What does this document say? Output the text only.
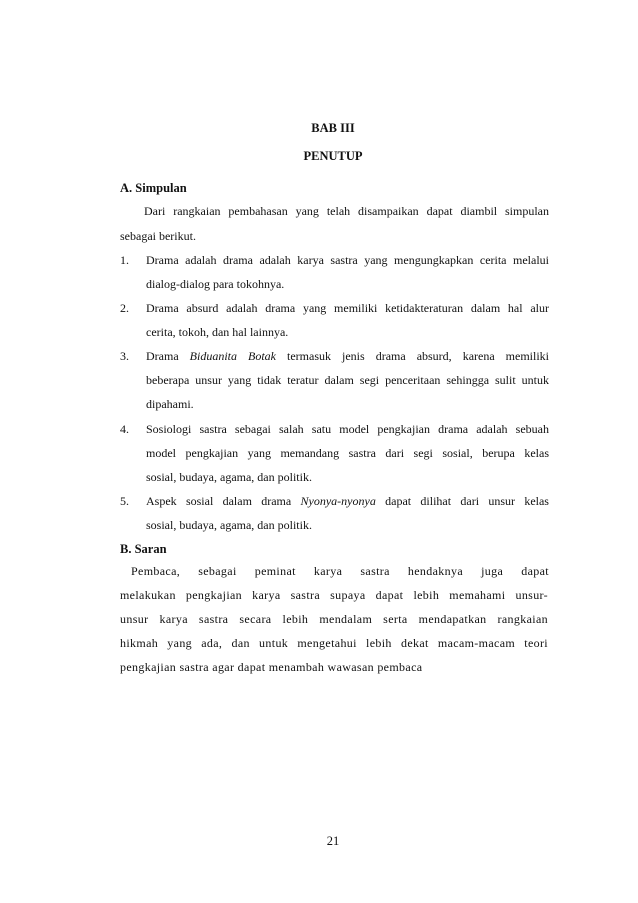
BAB III
PENUTUP
A. Simpulan
Dari rangkaian pembahasan yang telah disampaikan dapat diambil simpulan
sebagai berikut.
1. Drama adalah drama adalah karya sastra yang mengungkapkan cerita melalui
dialog-dialog para tokohnya.
2. Drama absurd adalah drama yang memiliki ketidakteraturan dalam hal alur
cerita, tokoh, dan hal lainnya.
3. Drama Biduanita Botak termasuk jenis drama absurd, karena memiliki
beberapa unsur yang tidak teratur dalam segi penceritaan sehingga sulit untuk
dipahami.
4. Sosiologi sastra sebagai salah satu model pengkajian drama adalah sebuah
model pengkajian yang memandang sastra dari segi sosial, berupa kelas
sosial, budaya, agama, dan politik.
5. Aspek sosial dalam drama Nyonya-nyonya dapat dilihat dari unsur kelas
sosial, budaya, agama, dan politik.
B. Saran
Pembaca, sebagai peminat karya sastra hendaknya juga dapat
melakukan pengkajian karya sastra supaya dapat lebih memahami unsur-
unsur karya sastra secara lebih mendalam serta mendapatkan rangkaian
hikmah yang ada, dan untuk mengetahui lebih dekat macam-macam teori
pengkajian sastra agar dapat menambah wawasan pembaca
21
